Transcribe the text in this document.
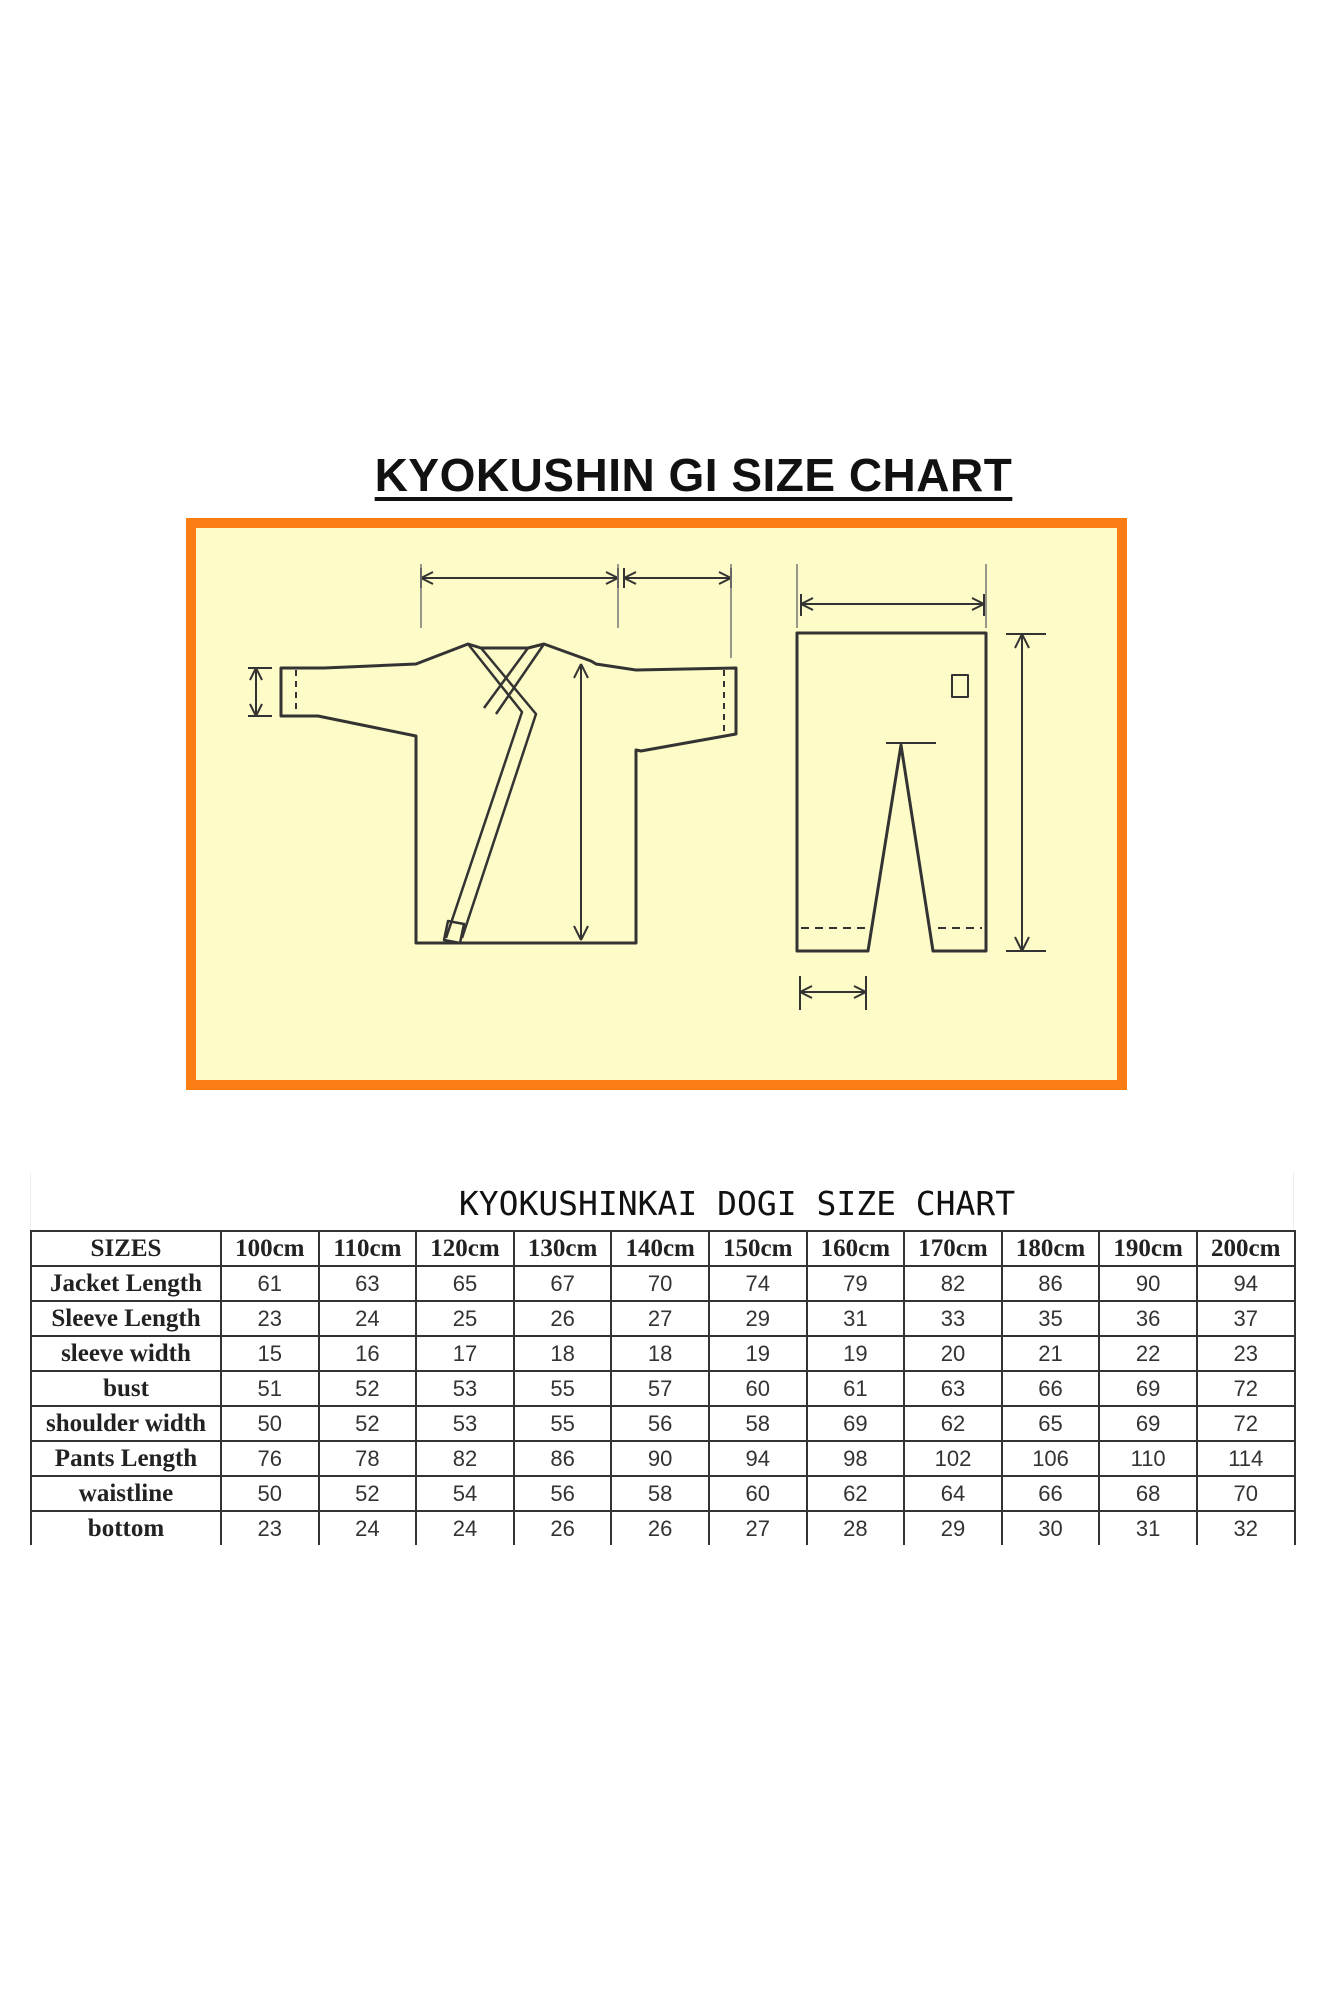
KYOKUSHIN GI SIZE CHART
KYOKUSHINKAI DOGI SIZE CHART
SIZES	100cm	110cm	120cm	130cm	140cm	150cm	160cm	170cm	180cm	190cm	200cm
Jacket Length	61	63	65	67	70	74	79	82	86	90	94
Sleeve Length	23	24	25	26	27	29	31	33	35	36	37
sleeve width	15	16	17	18	18	19	19	20	21	22	23
bust	51	52	53	55	57	60	61	63	66	69	72
shoulder width	50	52	53	55	56	58	69	62	65	69	72
Pants Length	76	78	82	86	90	94	98	102	106	110	114
waistline	50	52	54	56	58	60	62	64	66	68	70
bottom	23	24	24	26	26	27	28	29	30	31	32
